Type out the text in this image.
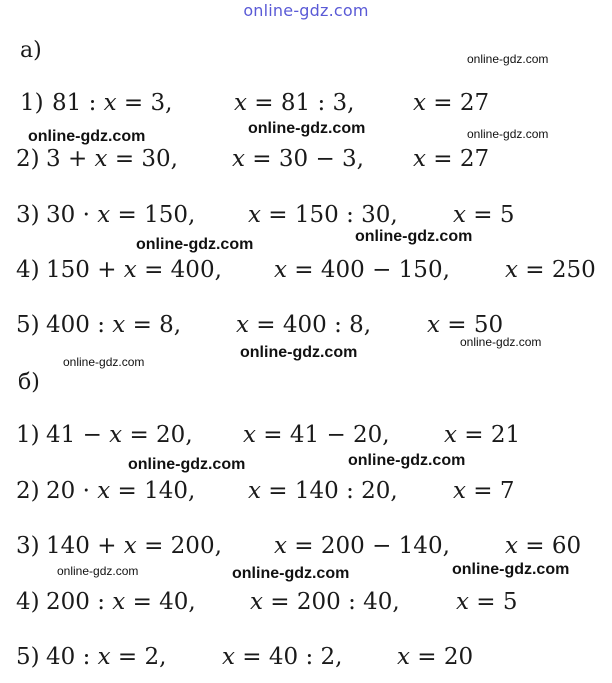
online-gdz.com
а)
1) 81 : x = 3,	x = 81 : 3,	x = 27
2) 3 + x = 30, x = 30 − 3, x = 27
3) 30 · x = 150, x = 150 : 30, x = 5
4) 150 + x = 400, x = 400 − 150, x = 250
5) 400 : x = 8, x = 400 : 8, x = 50
б)
1) 41 − x = 20, x = 41 − 20, x = 21
2) 20 · x = 140, x = 140 : 20, x = 7
3) 140 + x = 200, x = 200 − 140, x = 60
4) 200 : x = 40, x = 200 : 40, x = 5
5) 40 : x = 2, x = 40 : 2, x = 20
online-gdz.com
online-gdz.com	online-gdz.com	online-gdz.com
online-gdz.com	online-gdz.com
online-gdz.com
online-gdz.com
online-gdz.com
online-gdz.com	online-gdz.com
online-gdz.com	online-gdz.com	online-gdz.com
